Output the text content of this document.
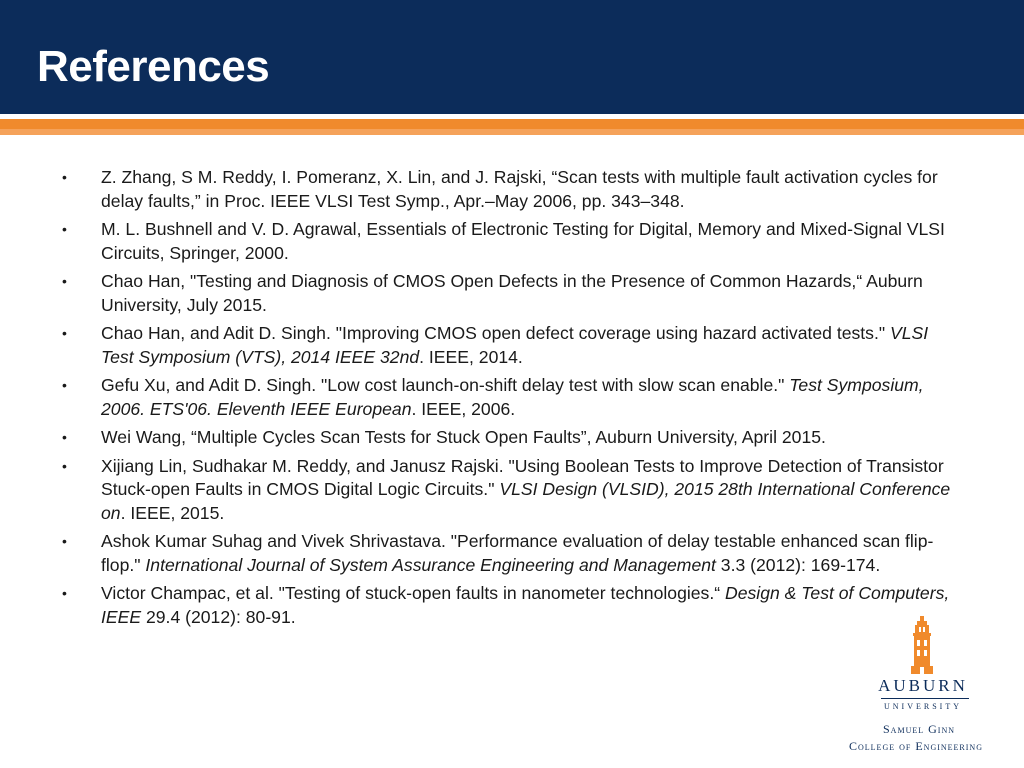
References
• Z. Zhang, S M. Reddy, I. Pomeranz, X. Lin, and J. Rajski, “Scan tests with multiple fault activation cycles for delay faults,” in Proc. IEEE VLSI Test Symp., Apr.–May 2006, pp. 343–348.
• M. L. Bushnell and V. D. Agrawal, Essentials of Electronic Testing for Digital, Memory and Mixed-Signal VLSI Circuits, Springer, 2000.
• Chao Han, "Testing and Diagnosis of CMOS Open Defects in the Presence of Common Hazards,“ Auburn University, July 2015.
• Chao Han, and Adit D. Singh. "Improving CMOS open defect coverage using hazard activated tests." VLSI Test Symposium (VTS), 2014 IEEE 32nd. IEEE, 2014.
• Gefu Xu, and Adit D. Singh. "Low cost launch-on-shift delay test with slow scan enable." Test Symposium, 2006. ETS'06. Eleventh IEEE European. IEEE, 2006.
• Wei Wang, “Multiple Cycles Scan Tests for Stuck Open Faults”, Auburn University, April 2015.
• Xijiang Lin, Sudhakar M. Reddy, and Janusz Rajski. "Using Boolean Tests to Improve Detection of Transistor Stuck-open Faults in CMOS Digital Logic Circuits." VLSI Design (VLSID), 2015 28th International Conference on. IEEE, 2015.
• Ashok Kumar Suhag and Vivek Shrivastava. "Performance evaluation of delay testable enhanced scan flip-flop." International Journal of System Assurance Engineering and Management 3.3 (2012): 169-174.
• Victor Champac, et al. "Testing of stuck-open faults in nanometer technologies.“ Design & Test of Computers, IEEE 29.4 (2012): 80-91.
AUBURN
UNIVERSITY
Samuel Ginn
College of Engineering
